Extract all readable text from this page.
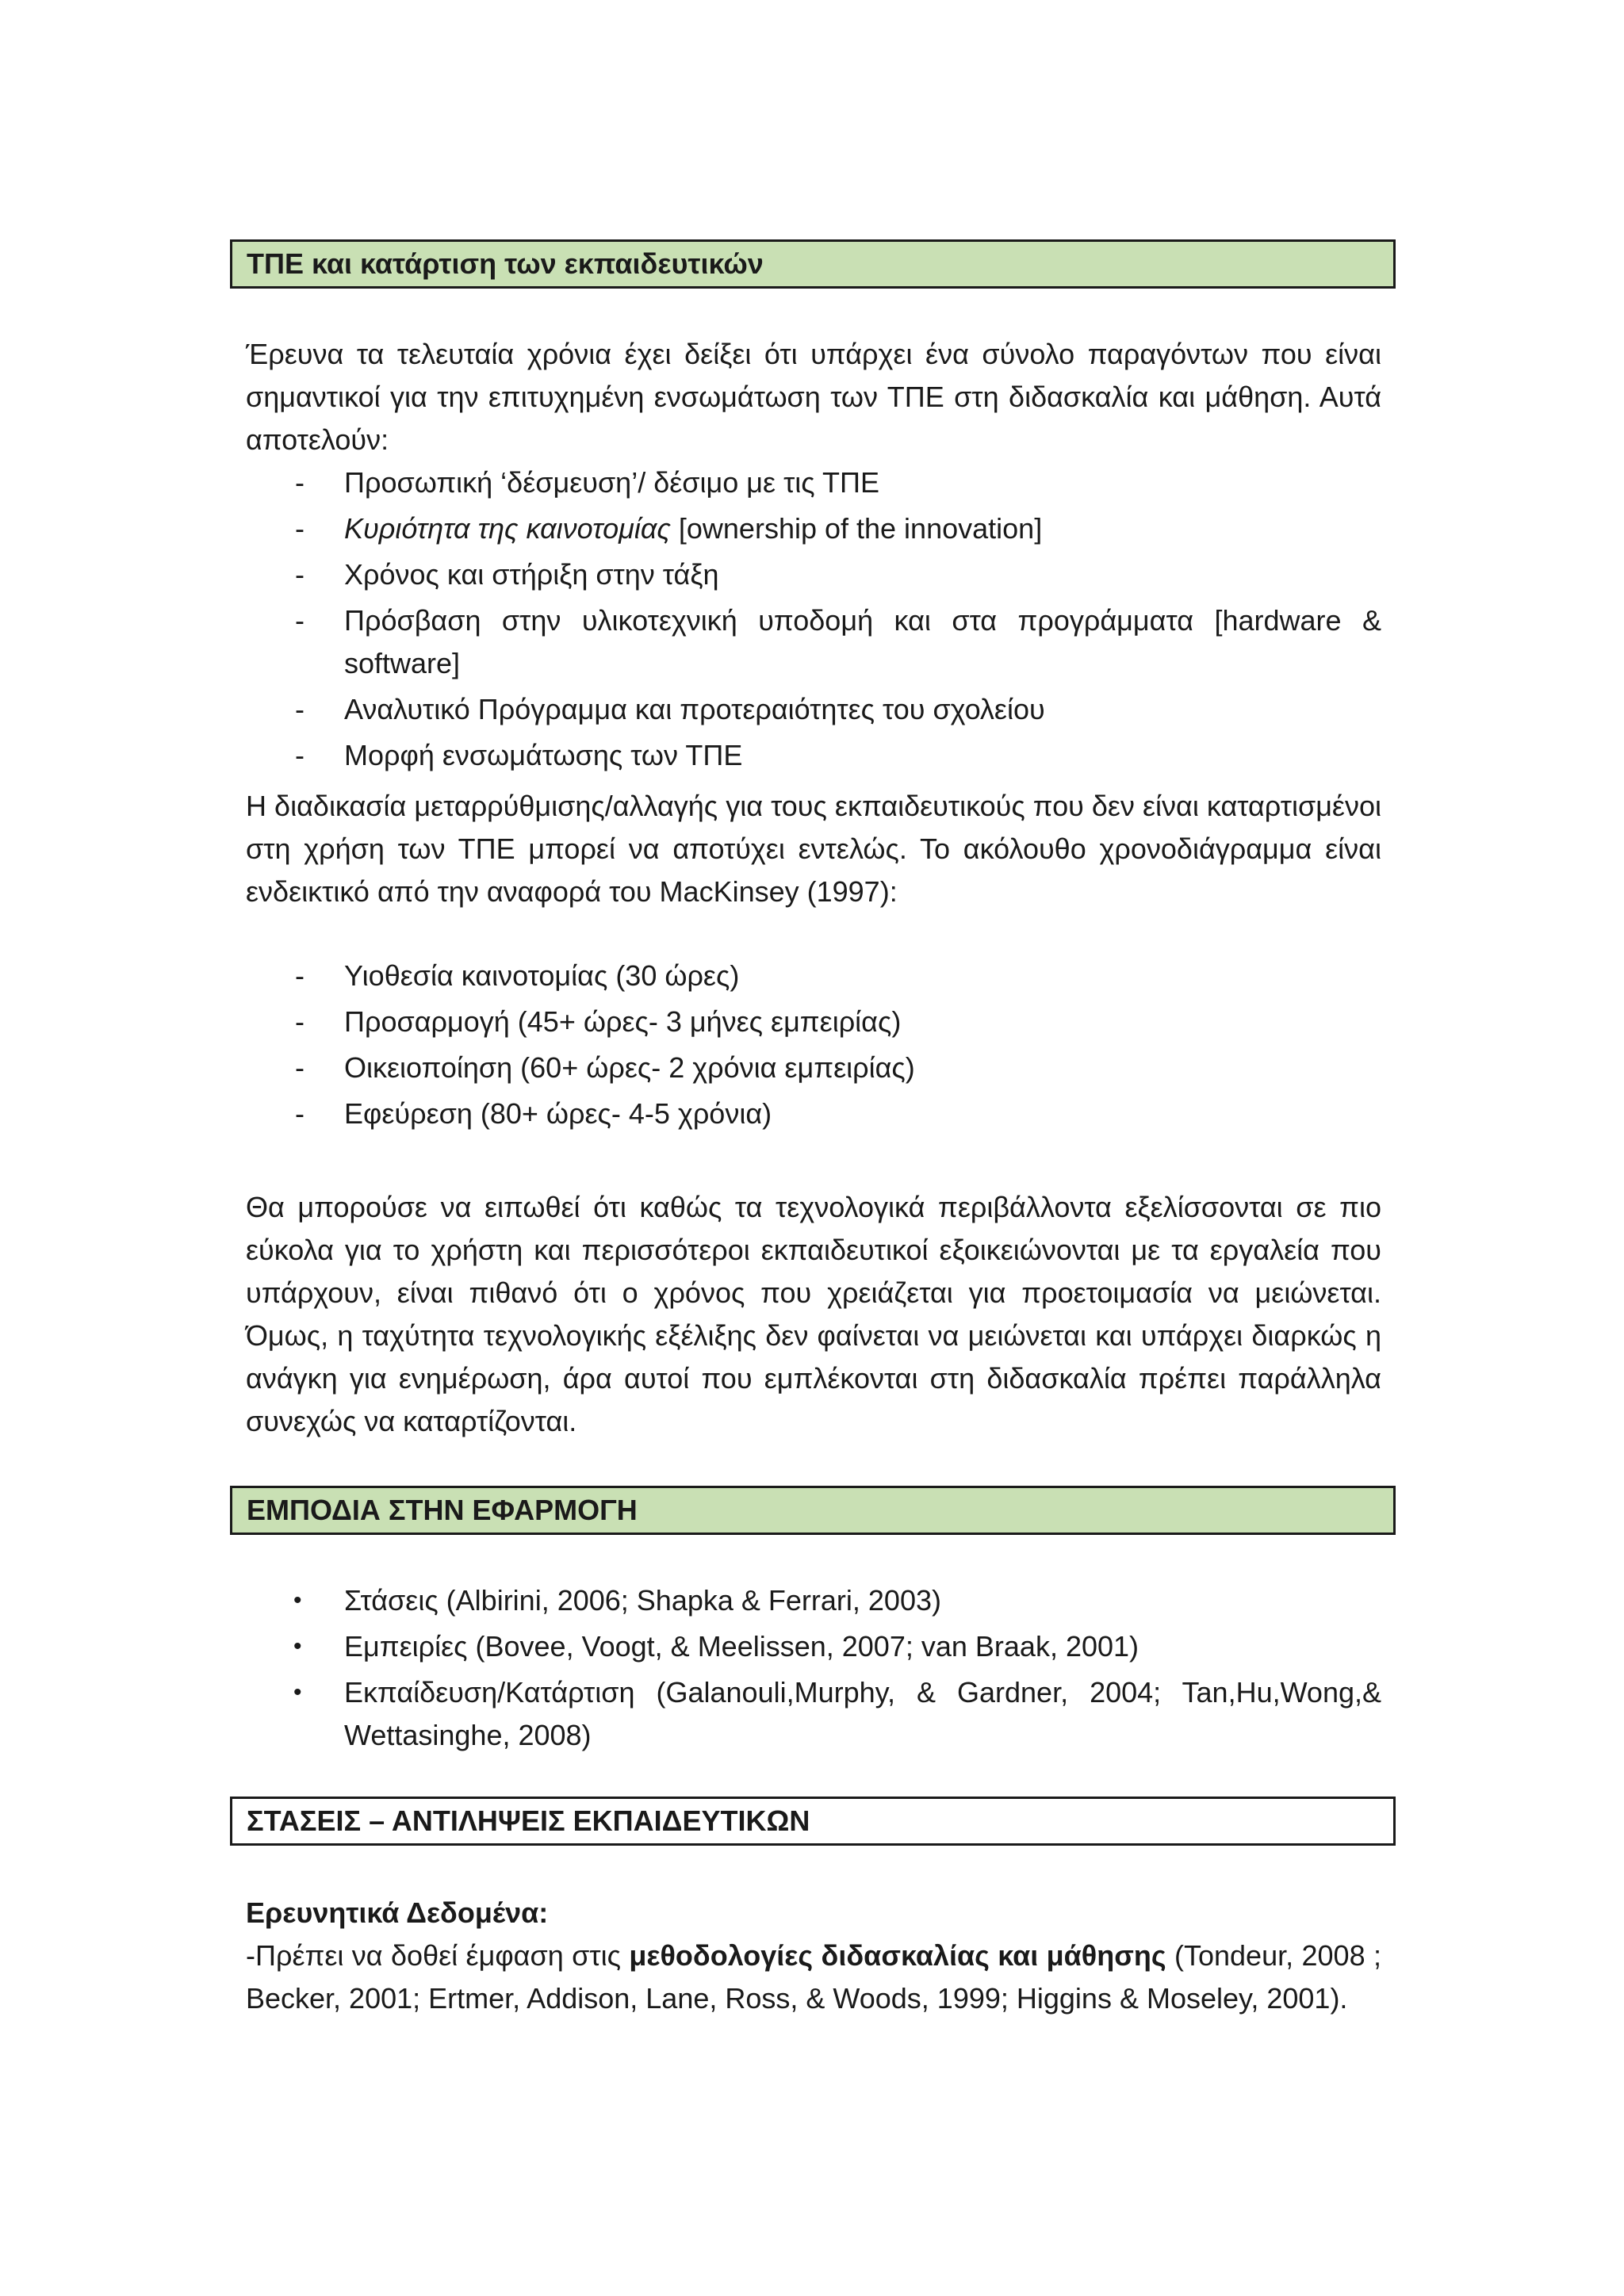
ΤΠΕ και κατάρτιση των εκπαιδευτικών

Έρευνα τα τελευταία χρόνια έχει δείξει ότι υπάρχει ένα σύνολο παραγόντων που είναι σημαντικοί για την επιτυχημένη ενσωμάτωση των ΤΠΕ στη διδασκαλία και μάθηση. Αυτά αποτελούν:

- Προσωπική ‘δέσμευση’/ δέσιμο με τις ΤΠΕ
- Κυριότητα της καινοτομίας [ownership of the innovation]
- Χρόνος και στήριξη στην τάξη
- Πρόσβαση στην υλικοτεχνική υποδομή και στα προγράμματα [hardware & software]
- Αναλυτικό Πρόγραμμα και προτεραιότητες του σχολείου
- Μορφή ενσωμάτωσης των ΤΠΕ

Η διαδικασία μεταρρύθμισης/αλλαγής για τους εκπαιδευτικούς που δεν είναι καταρτισμένοι στη χρήση των ΤΠΕ μπορεί να αποτύχει εντελώς. Το ακόλουθο χρονοδιάγραμμα είναι ενδεικτικό από την αναφορά του MacKinsey (1997):

- Υιοθεσία καινοτομίας (30 ώρες)
- Προσαρμογή (45+ ώρες- 3 μήνες εμπειρίας)
- Οικειοποίηση (60+ ώρες- 2 χρόνια εμπειρίας)
- Εφεύρεση (80+ ώρες- 4-5 χρόνια)

Θα μπορούσε να ειπωθεί ότι καθώς τα τεχνολογικά περιβάλλοντα εξελίσσονται σε πιο εύκολα για το χρήστη και περισσότεροι εκπαιδευτικοί εξοικειώνονται με τα εργαλεία που υπάρχουν, είναι πιθανό ότι ο χρόνος που χρειάζεται για προετοιμασία να μειώνεται. Όμως, η ταχύτητα τεχνολογικής εξέλιξης δεν φαίνεται να μειώνεται και υπάρχει διαρκώς η ανάγκη για ενημέρωση, άρα αυτοί που εμπλέκονται στη διδασκαλία πρέπει παράλληλα συνεχώς να καταρτίζονται.

ΕΜΠΟΔΙΑ ΣΤΗΝ ΕΦΑΡΜΟΓΗ
• Στάσεις (Albirini, 2006; Shapka & Ferrari, 2003)
• Εμπειρίες (Bovee, Voogt, & Meelissen, 2007; van Braak, 2001)
• Εκπαίδευση/Κατάρτιση (Galanouli,Murphy, & Gardner, 2004; Tan,Hu,Wong,& Wettasinghe, 2008)
ΣΤΑΣΕΙΣ – ΑΝΤΙΛΗΨΕΙΣ ΕΚΠΑΙΔΕΥΤΙΚΩΝ
Ερευνητικά Δεδομένα:

-Πρέπει να δοθεί έμφαση στις μεθοδολογίες διδασκαλίας και μάθησης (Tondeur, 2008 ; Becker, 2001; Ertmer, Addison, Lane, Ross, & Woods, 1999; Higgins & Moseley, 2001).
